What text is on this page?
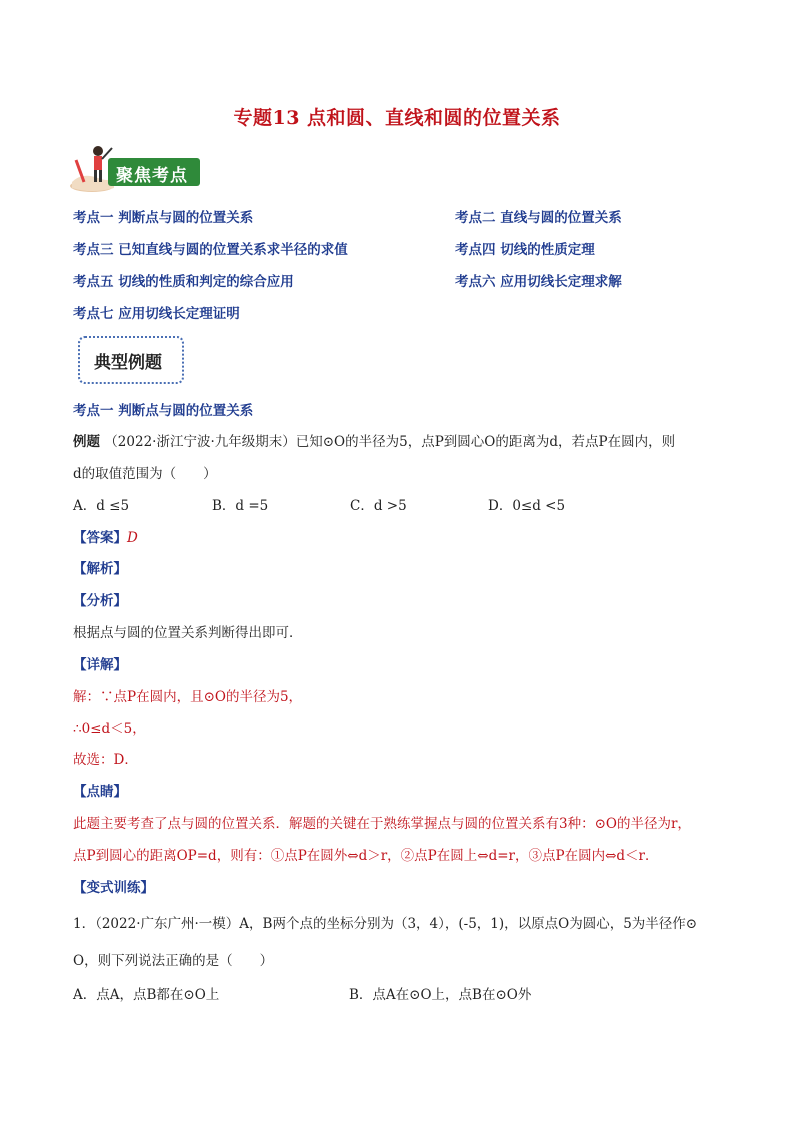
专题13 点和圆、直线和圆的位置关系
聚焦考点
考点一 判断点与圆的位置关系	考点二 直线与圆的位置关系
考点三 已知直线与圆的位置关系求半径的求值	考点四 切线的性质定理
考点五 切线的性质和判定的综合应用	考点六 应用切线长定理求解
考点七 应用切线长定理证明
典型例题
考点一 判断点与圆的位置关系
例题 （2022·浙江宁波·九年级期末）已知⊙O的半径为5，点P到圆心O的距离为d，若点P在圆内，则
d的取值范围为（　　）
A．d ≤5	B．d =5	C．d >5	D．0≤d <5
【答案】D
【解析】
【分析】
根据点与圆的位置关系判断得出即可．
【详解】
解：∵点P在圆内，且⊙O的半径为5，
∴0≤d＜5，
故选：D．
【点睛】
此题主要考查了点与圆的位置关系．解题的关键在于熟练掌握点与圆的位置关系有3种：⊙O的半径为r，
点P到圆心的距离OP=d，则有：①点P在圆外⇔d＞r，②点P在圆上⇔d=r，③点P在圆内⇔d＜r．
【变式训练】
1．（2022·广东广州·一模）A，B两个点的坐标分别为（3，4），(-5，1)，以原点O为圆心，5为半径作⊙
O，则下列说法正确的是（　　）
A．点A，点B都在⊙O上	B．点A在⊙O上，点B在⊙O外
